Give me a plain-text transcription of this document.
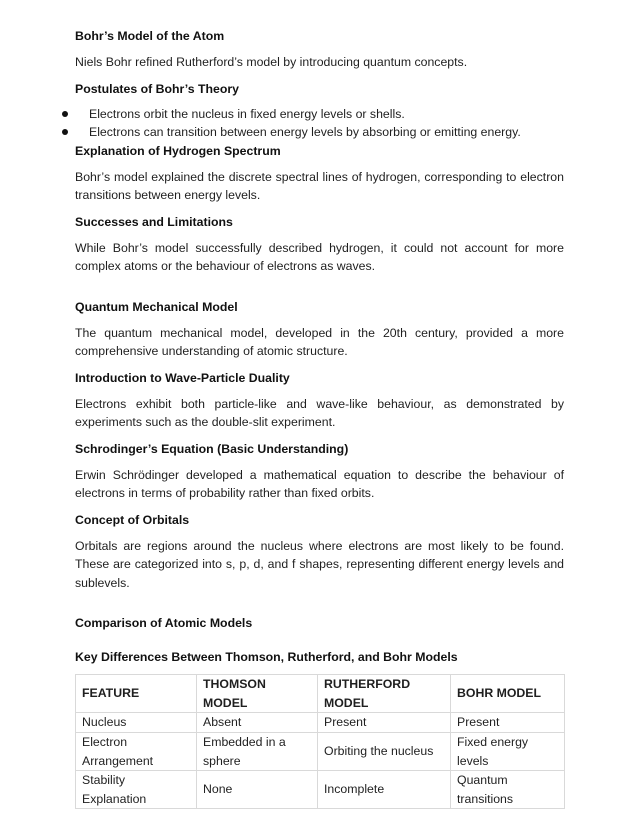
Bohr’s Model of the Atom

Niels Bohr refined Rutherford’s model by introducing quantum concepts.

Postulates of Bohr’s Theory
Electrons orbit the nucleus in fixed energy levels or shells.
Electrons can transition between energy levels by absorbing or emitting energy.
Explanation of Hydrogen Spectrum

Bohr’s model explained the discrete spectral lines of hydrogen, corresponding to electron transitions between energy levels.

Successes and Limitations

While Bohr’s model successfully described hydrogen, it could not account for more complex atoms or the behaviour of electrons as waves.

Quantum Mechanical Model

The quantum mechanical model, developed in the 20th century, provided a more comprehensive understanding of atomic structure.

Introduction to Wave-Particle Duality

Electrons exhibit both particle-like and wave-like behaviour, as demonstrated by experiments such as the double-slit experiment.

Schrodinger’s Equation (Basic Understanding)

Erwin Schrödinger developed a mathematical equation to describe the behaviour of electrons in terms of probability rather than fixed orbits.

Concept of Orbitals

Orbitals are regions around the nucleus where electrons are most likely to be found. These are categorized into s, p, d, and f shapes, representing different energy levels and sublevels.

Comparison of Atomic Models
Key Differences Between Thomson, Rutherford, and Bohr Models
FEATURE	THOMSON MODEL	RUTHERFORD MODEL	BOHR MODEL
Nucleus	Absent	Present	Present
Electron Arrangement	Embedded in a sphere	Orbiting the nucleus	Fixed energy levels
Stability Explanation	None	Incomplete	Quantum transitions
